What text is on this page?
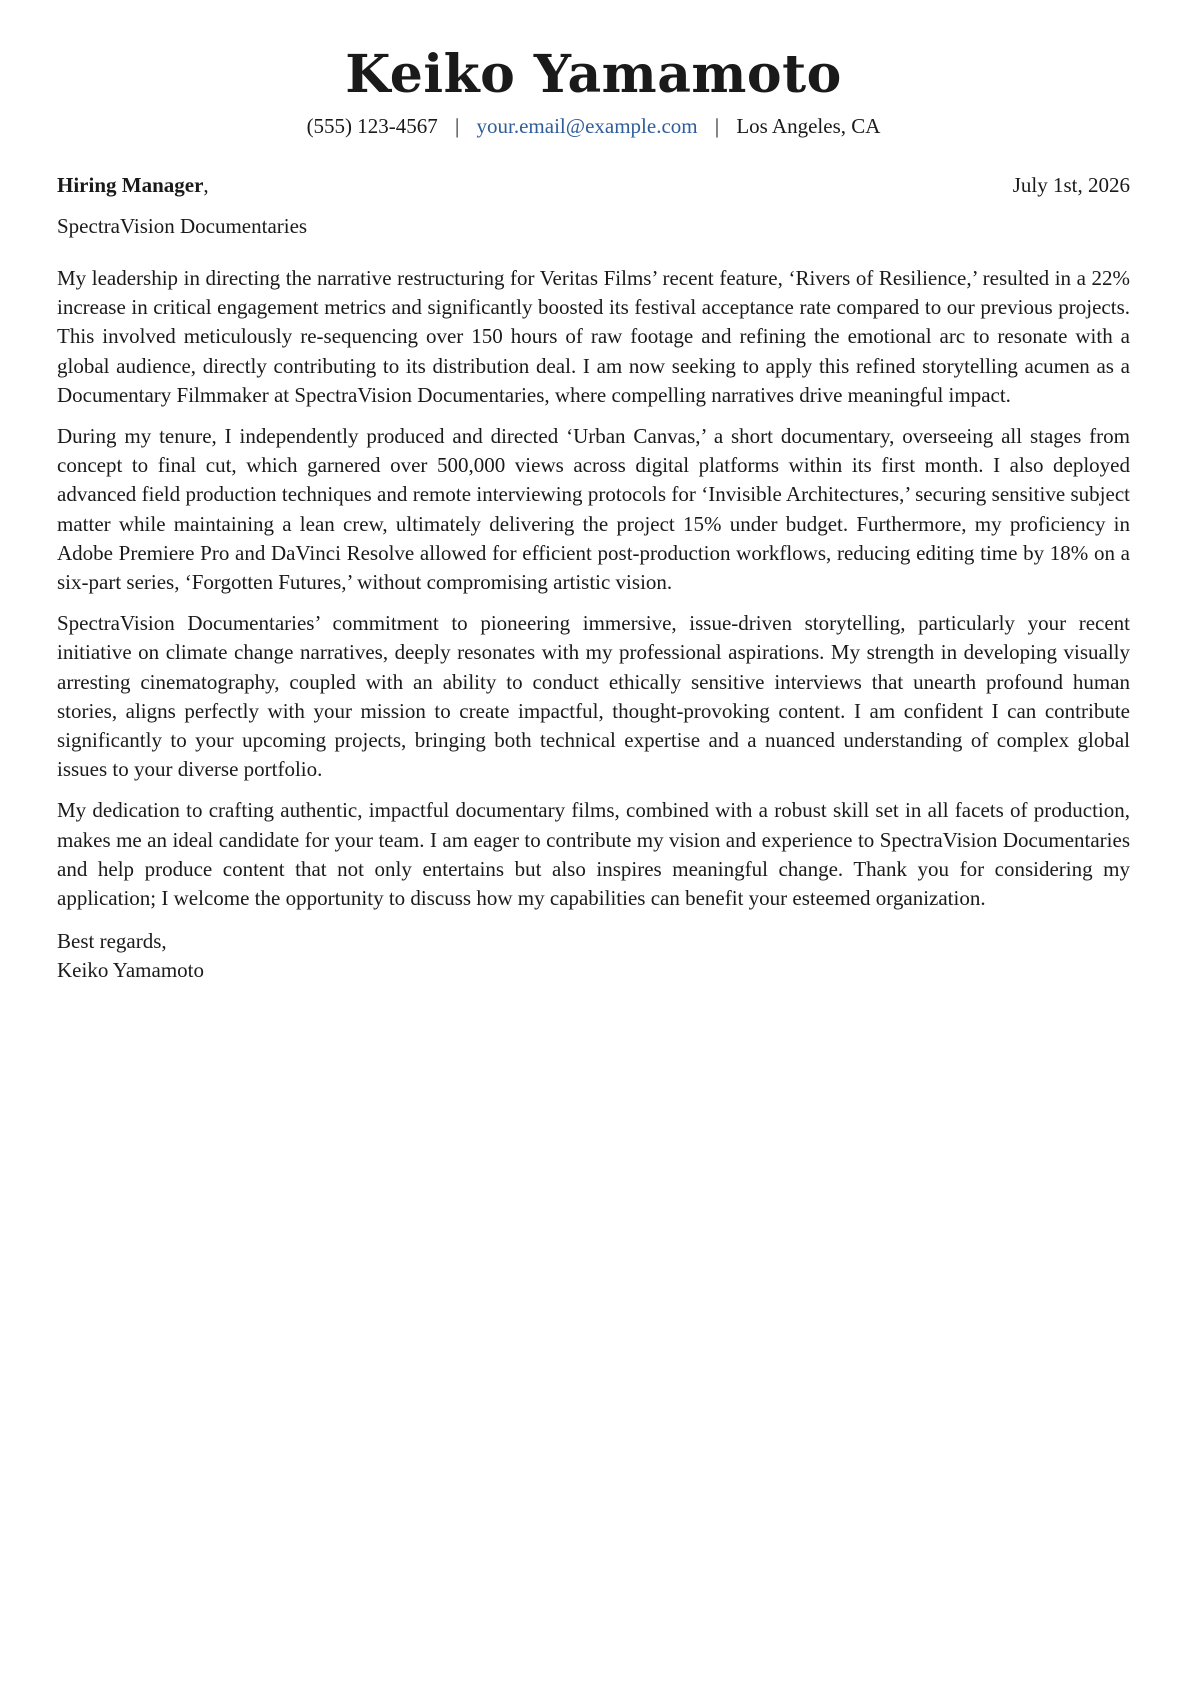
Keiko Yamamoto
(555) 123-4567 | your.email@example.com | Los Angeles, CA
Hiring Manager,	July 1st, 2026
SpectraVision Documentaries

My leadership in directing the narrative restructuring for Veritas Films’ recent feature, ‘Rivers of Resilience,’ resulted in a 22% increase in critical engagement metrics and significantly boosted its festival acceptance rate compared to our previous projects. This involved meticulously re-sequencing over 150 hours of raw footage and refining the emotional arc to resonate with a global audience, directly contributing to its distribution deal. I am now seeking to apply this refined storytelling acumen as a Documentary Filmmaker at SpectraVision Documentaries, where compelling narratives drive meaningful impact.

During my tenure, I independently produced and directed ‘Urban Canvas,’ a short documentary, overseeing all stages from concept to final cut, which garnered over 500,000 views across digital platforms within its first month. I also deployed advanced field production techniques and remote interviewing protocols for ‘Invisible Architectures,’ securing sensitive subject matter while maintaining a lean crew, ultimately delivering the project 15% under budget. Furthermore, my proficiency in Adobe Premiere Pro and DaVinci Resolve allowed for efficient post-production workflows, reducing editing time by 18% on a six-part series, ‘Forgotten Futures,’ without compromising artistic vision.

SpectraVision Documentaries’ commitment to pioneering immersive, issue-driven storytelling, particularly your recent initiative on climate change narratives, deeply resonates with my professional aspirations. My strength in developing visually arresting cinematography, coupled with an ability to conduct ethically sensitive interviews that unearth profound human stories, aligns perfectly with your mission to create impactful, thought-provoking content. I am confident I can contribute significantly to your upcoming projects, bringing both technical expertise and a nuanced understanding of complex global issues to your diverse portfolio.

My dedication to crafting authentic, impactful documentary films, combined with a robust skill set in all facets of production, makes me an ideal candidate for your team. I am eager to contribute my vision and experience to SpectraVision Documentaries and help produce content that not only entertains but also inspires meaningful change. Thank you for considering my application; I welcome the opportunity to discuss how my capabilities can benefit your esteemed organization.

Best regards,
Keiko Yamamoto
